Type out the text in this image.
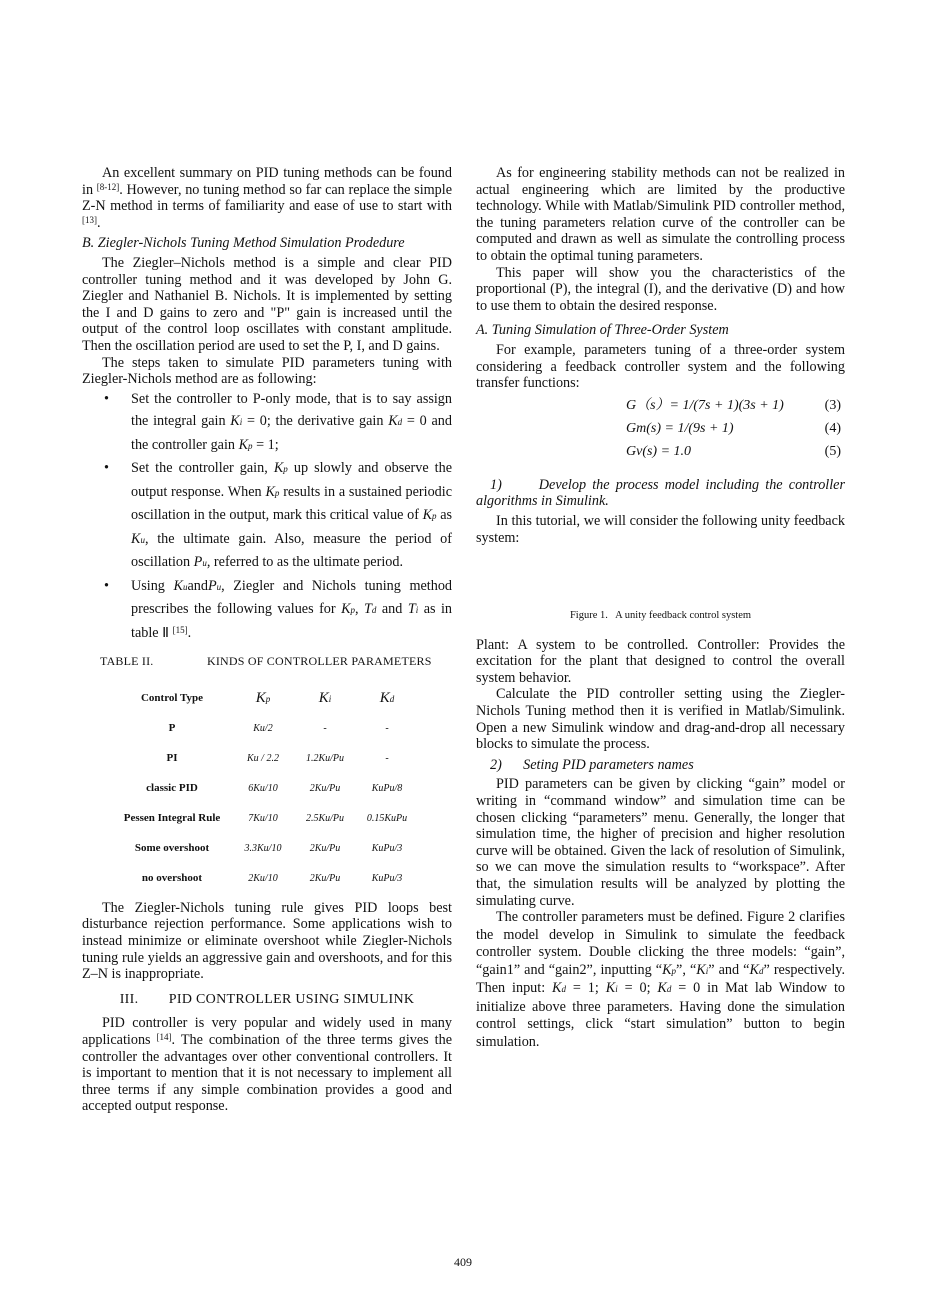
An excellent summary on PID tuning methods can be found in [8-12]. However, no tuning method so far can replace the simple Z-N method in terms of familiarity and ease of use to start with [13].

B. Ziegler-Nichols Tuning Method Simulation Prodedure

The Ziegler–Nichols method is a simple and clear PID controller tuning method and it was developed by John G. Ziegler and Nathaniel B. Nichols. It is implemented by setting the I and D gains to zero and "P" gain is increased until the output of the control loop oscillates with constant amplitude. Then the oscillation period are used to set the P, I, and D gains.

The steps taken to simulate PID parameters tuning with Ziegler-Nichols method are as following:

• Set the controller to P-only mode, that is to say assign the integral gain Ki = 0; the derivative gain Kd = 0 and the controller gain Kp = 1;
• Set the controller gain, Kp up slowly and observe the output response. When Kp results in a sustained periodic oscillation in the output, mark this critical value of Kp as Ku, the ultimate gain. Also, measure the period of oscillation Pu, referred to as the ultimate period.
• Using KuandPu, Ziegler and Nichols tuning method prescribes the following values for Kp, Td and Ti as in table Ⅱ [15].
TABLE II.	KINDS OF CONTROLLER PARAMETERS
Control Type	Kp	Ki	Kd
P	Ku/2	-	-
PI	Ku / 2.2	1.2Ku/Pu	-
classic PID	6Ku/10	2Ku/Pu	KuPu/8
Pessen Integral Rule	7Ku/10	2.5Ku/Pu	0.15KuPu
Some overshoot	3.3Ku/10	2Ku/Pu	KuPu/3
no overshoot	2Ku/10	2Ku/Pu	KuPu/3

The Ziegler-Nichols tuning rule gives PID loops best disturbance rejection performance. Some applications wish to instead minimize or eliminate overshoot while Ziegler-Nichols tuning rule yields an aggressive gain and overshoots, and for this Z–N is inappropriate.

III.        PID CONTROLLER USING SIMULINK

PID controller is very popular and widely used in many applications [14]. The combination of the three terms gives the controller the advantages over other conventional controllers. It is important to mention that it is not necessary to implement all three terms if any simple combination provides a good and accepted output response.

As for engineering stability methods can not be realized in actual engineering which are limited by the productive technology. While with Matlab/Simulink PID controller method, the tuning parameters relation curve of the controller can be computed and drawn as well as simulate the controlling process to obtain the optimal tuning parameters.

This paper will show you the characteristics of the proportional (P), the integral (I), and the derivative (D) and how to use them to obtain the desired response.

A. Tuning Simulation of Three-Order System

For example, parameters tuning of a three-order system considering a feedback controller system and the following transfer functions:

G（s）= 1/(7s + 1)(3s + 1)	(3)
Gm(s) = 1/(9s + 1)	(4)
Gv(s) = 1.0	(5)

1)      Develop the process model including the controller algorithms in Simulink.

In this tutorial, we will consider the following unity feedback system:

Figure 1.   A unity feedback control system

Plant: A system to be controlled. Controller: Provides the excitation for the plant that designed to control the overall system behavior.

Calculate the PID controller setting using the Ziegler-Nichols Tuning method then it is verified in Matlab/Simulink. Open a new Simulink window and drag-and-drop all necessary blocks to simulate the process.

2)      Seting PID parameters names

PID parameters can be given by clicking “gain” model or writing in “command window” and simulation time can be chosen clicking “parameters” menu. Generally, the longer that simulation time, the higher of precision and higher resolution curve will be obtained. Given the lack of resolution of Simulink, so we can move the simulation results to “workspace”. After that, the simulation results will be analyzed by plotting the simulating curve.

The controller parameters must be defined. Figure 2 clarifies the model develop in Simulink to simulate the feedback controller system. Double clicking the three models: “gain”, “gain1” and “gain2”, inputting “Kp”, “Ki” and “Kd” respectively. Then input: Kd = 1; Ki = 0; Kd = 0 in Mat lab Window to initialize above three parameters. Having done the simulation control settings, click “start simulation” button to begin simulation.

409
